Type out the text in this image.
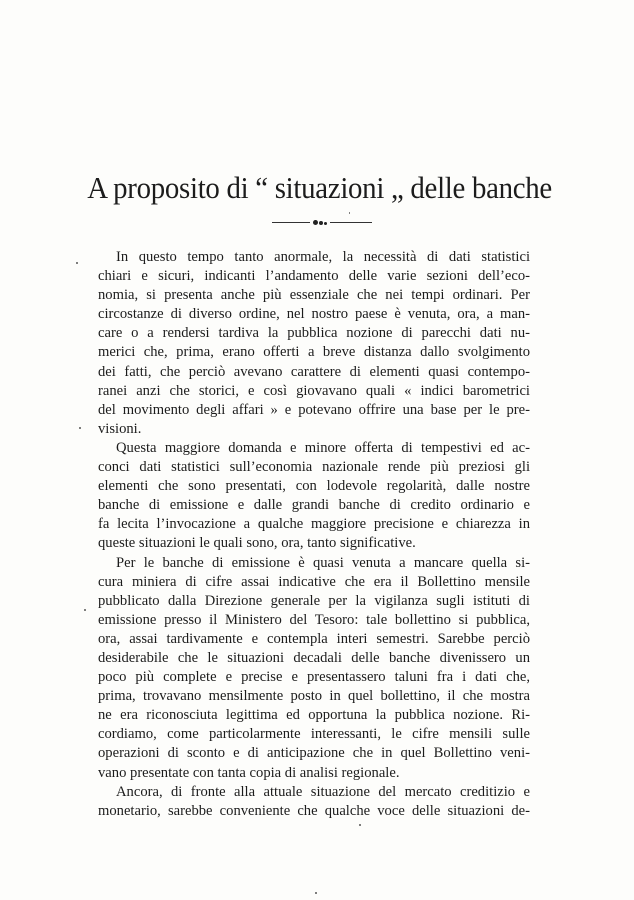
A proposito di “ situazioni „ delle banche

In questo tempo tanto anormale, la necessità di dati statistici
chiari e sicuri, indicanti l’andamento delle varie sezioni dell’eco-
nomia, si presenta anche più essenziale che nei tempi ordinari. Per
circostanze di diverso ordine, nel nostro paese è venuta, ora, a man-
care o a rendersi tardiva la pubblica nozione di parecchi dati nu-
merici che, prima, erano offerti a breve distanza dallo svolgimento
dei fatti, che perciò avevano carattere di elementi quasi contempo-
ranei anzi che storici, e così giovavano quali « indici barometrici
del movimento degli affari » e potevano offrire una base per le pre-
visioni.

Questa maggiore domanda e minore offerta di tempestivi ed ac-
conci dati statistici sull’economia nazionale rende più preziosi gli
elementi che sono presentati, con lodevole regolarità, dalle nostre
banche di emissione e dalle grandi banche di credito ordinario e
fa lecita l’invocazione a qualche maggiore precisione e chiarezza in
queste situazioni le quali sono, ora, tanto significative.

Per le banche di emissione è quasi venuta a mancare quella si-
cura miniera di cifre assai indicative che era il Bollettino mensile
pubblicato dalla Direzione generale per la vigilanza sugli istituti di
emissione presso il Ministero del Tesoro: tale bollettino si pubblica,
ora, assai tardivamente e contempla interi semestri. Sarebbe perciò
desiderabile che le situazioni decadali delle banche divenissero un
poco più complete e precise e presentassero taluni fra i dati che,
prima, trovavano mensilmente posto in quel bollettino, il che mostra
ne era riconosciuta legittima ed opportuna la pubblica nozione. Ri-
cordiamo, come particolarmente interessanti, le cifre mensili sulle
operazioni di sconto e di anticipazione che in quel Bollettino veni-
vano presentate con tanta copia di analisi regionale.

Ancora, di fronte alla attuale situazione del mercato creditizio e
monetario, sarebbe conveniente che qualche voce delle situazioni de-
